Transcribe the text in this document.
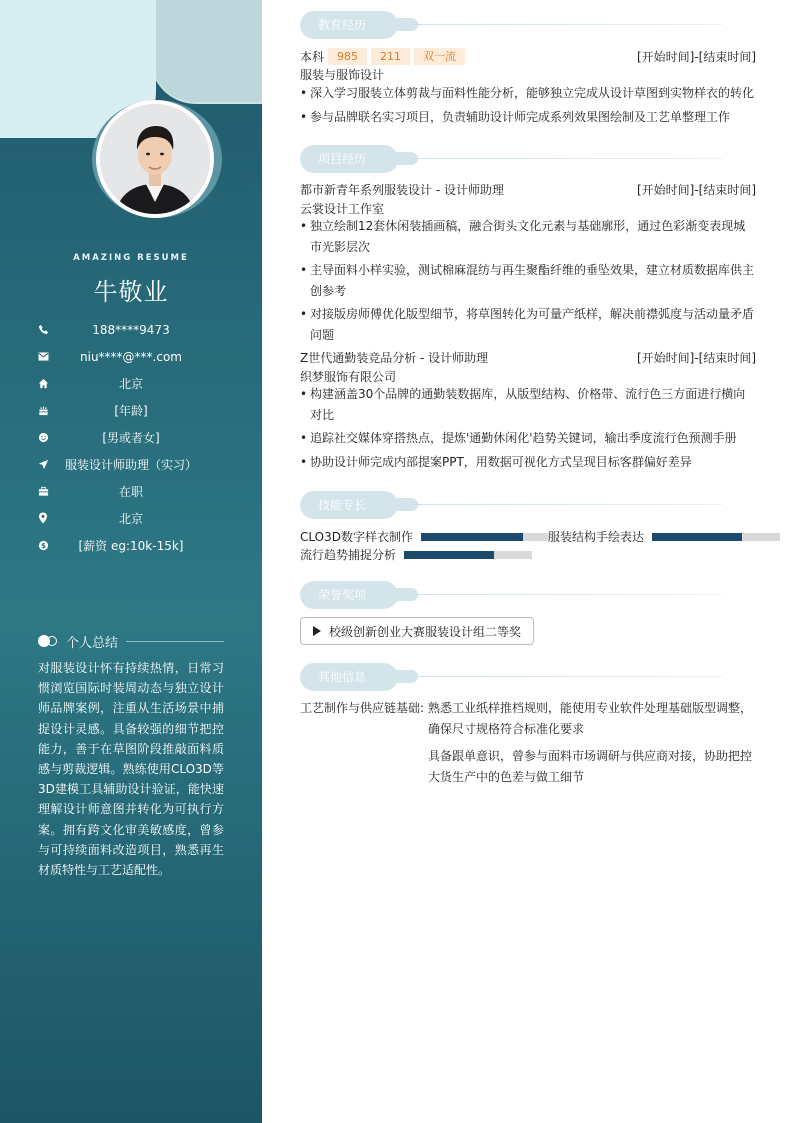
AMAZING RESUME
牛敬业
188****9473
niu****@***.com
北京
[年龄]
[男或者女]
服装设计师助理（实习）
在职
北京
$	[薪资 eg:10k-15k]
个人总结
对服装设计怀有持续热情，日常习惯浏览国际时装周动态与独立设计师品牌案例，注重从生活场景中捕捉设计灵感。具备较强的细节把控能力，善于在草图阶段推敲面料质感与剪裁逻辑。熟练使用CLO3D等3D建模工具辅助设计验证，能快速理解设计师意图并转化为可执行方案。拥有跨文化审美敏感度，曾参与可持续面料改造项目，熟悉再生材质特性与工艺适配性。
教育经历
本科	985	211	双一流	[开始时间]-[结束时间]
服装与服饰设计
• 深入学习服装立体剪裁与面料性能分析，能够独立完成从设计草图到实物样衣的转化
• 参与品牌联名实习项目，负责辅助设计师完成系列效果图绘制及工艺单整理工作
项目经历
都市新青年系列服装设计 - 设计师助理	[开始时间]-[结束时间]
云裳设计工作室
• 独立绘制12套休闲装插画稿，融合街头文化元素与基础廓形，通过色彩渐变表现城市光影层次
• 主导面料小样实验，测试棉麻混纺与再生聚酯纤维的垂坠效果，建立材质数据库供主创参考
• 对接版房师傅优化版型细节，将草图转化为可量产纸样，解决前襟弧度与活动量矛盾问题
Z世代通勤装竞品分析 - 设计师助理	[开始时间]-[结束时间]
织梦服饰有限公司
• 构建涵盖30个品牌的通勤装数据库，从版型结构、价格带、流行色三方面进行横向对比
• 追踪社交媒体穿搭热点，提炼'通勤休闲化'趋势关键词，输出季度流行色预测手册
• 协助设计师完成内部提案PPT，用数据可视化方式呈现目标客群偏好差异
技能专长
CLO3D数字样衣制作	服装结构手绘表达
流行趋势捕捉分析
荣誉奖项
校级创新创业大赛服装设计组二等奖
其他信息
工艺制作与供应链基础: 熟悉工业纸样推档规则，能使用专业软件处理基础版型调整，确保尺寸规格符合标准化要求
具备跟单意识，曾参与面料市场调研与供应商对接，协助把控大货生产中的色差与做工细节
